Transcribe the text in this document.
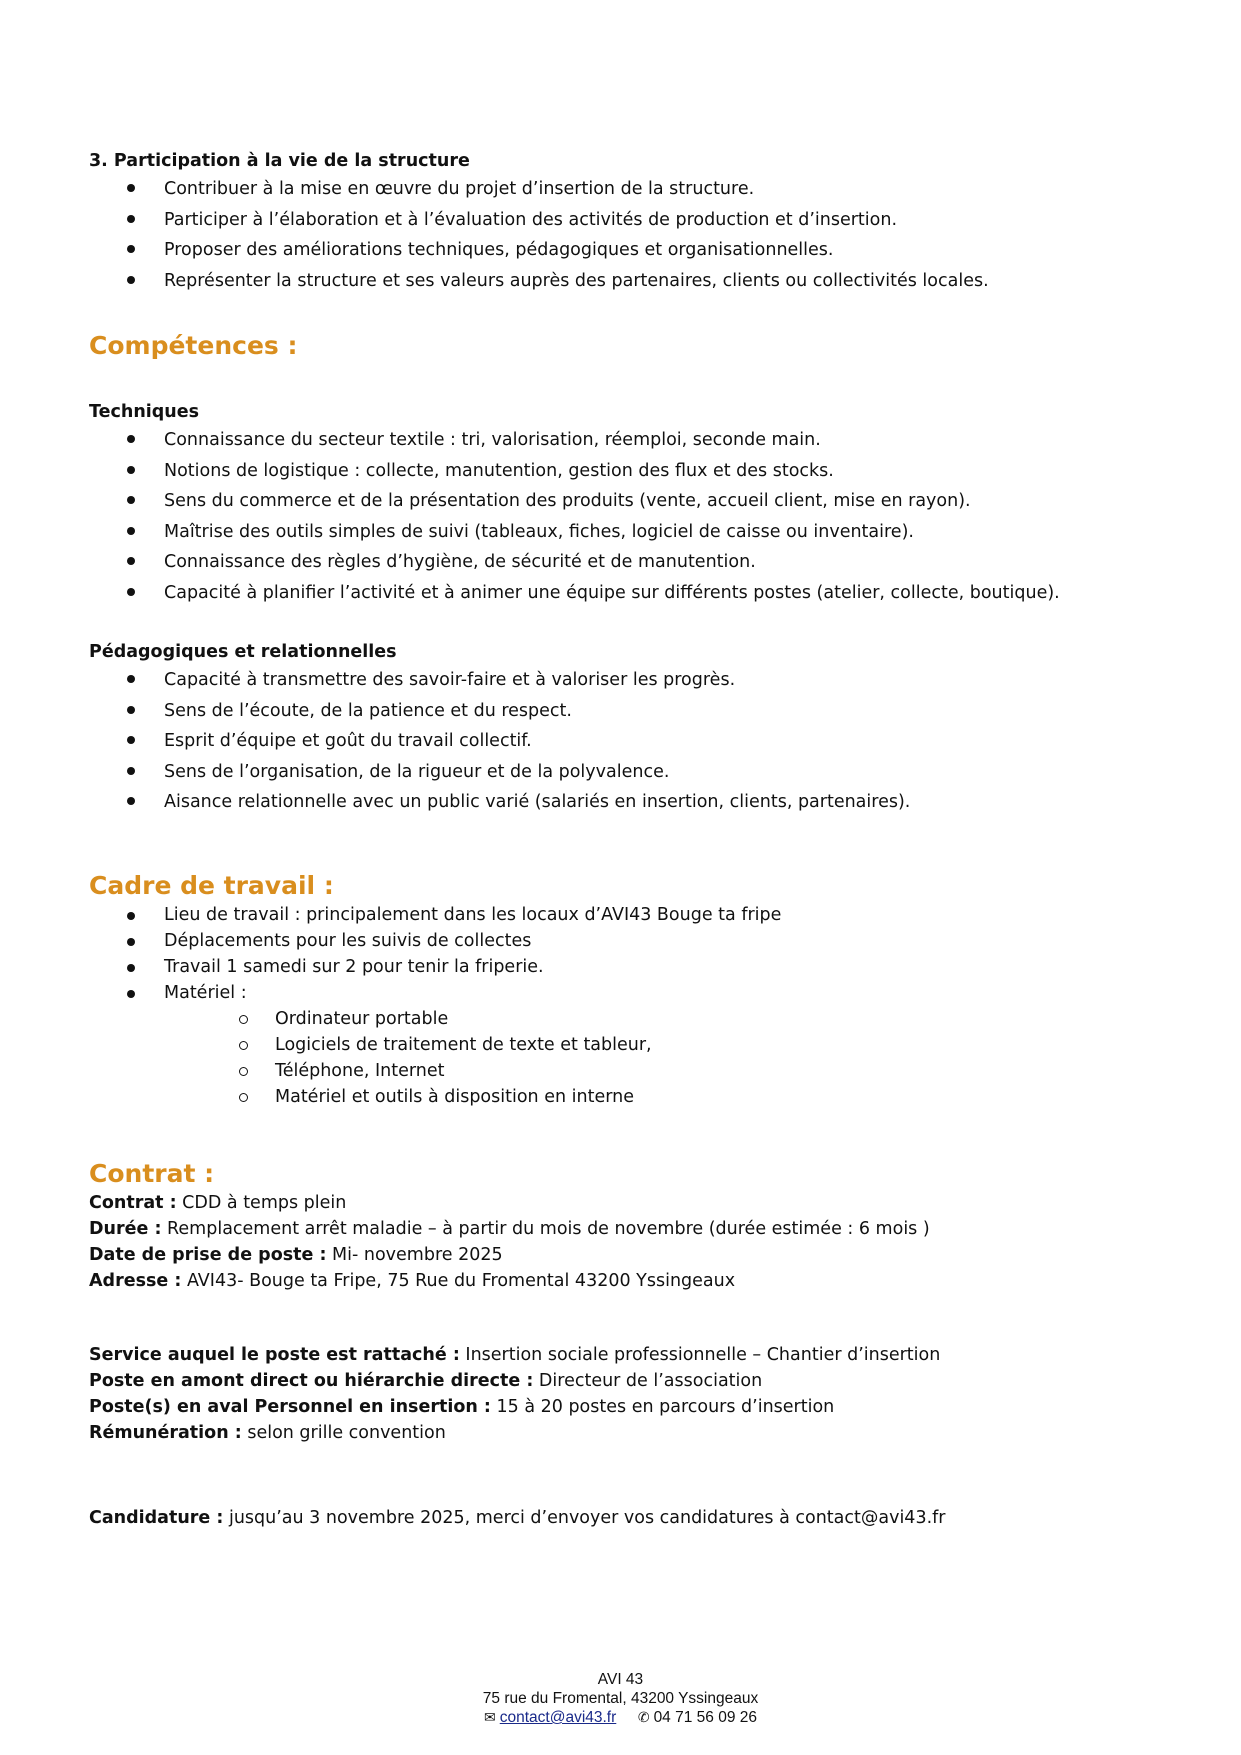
3. Participation à la vie de la structure
Contribuer à la mise en œuvre du projet d’insertion de la structure.
Participer à l’élaboration et à l’évaluation des activités de production et d’insertion.
Proposer des améliorations techniques, pédagogiques et organisationnelles.
Représenter la structure et ses valeurs auprès des partenaires, clients ou collectivités locales.
Compétences :
Techniques
Connaissance du secteur textile : tri, valorisation, réemploi, seconde main.
Notions de logistique : collecte, manutention, gestion des flux et des stocks.
Sens du commerce et de la présentation des produits (vente, accueil client, mise en rayon).
Maîtrise des outils simples de suivi (tableaux, fiches, logiciel de caisse ou inventaire).
Connaissance des règles d’hygiène, de sécurité et de manutention.
Capacité à planifier l’activité et à animer une équipe sur différents postes (atelier, collecte, boutique).
Pédagogiques et relationnelles
Capacité à transmettre des savoir-faire et à valoriser les progrès.
Sens de l’écoute, de la patience et du respect.
Esprit d’équipe et goût du travail collectif.
Sens de l’organisation, de la rigueur et de la polyvalence.
Aisance relationnelle avec un public varié (salariés en insertion, clients, partenaires).
Cadre de travail :
Lieu de travail : principalement dans les locaux d’AVI43 Bouge ta fripe
Déplacements pour les suivis de collectes
Travail 1 samedi sur 2 pour tenir la friperie.
Matériel :
Ordinateur portable
Logiciels de traitement de texte et tableur,
Téléphone, Internet
Matériel et outils à disposition en interne
Contrat :
Contrat : CDD à temps plein
Durée : Remplacement arrêt maladie – à partir du mois de novembre (durée estimée : 6 mois )
Date de prise de poste : Mi- novembre 2025
Adresse : AVI43- Bouge ta Fripe, 75 Rue du Fromental 43200 Yssingeaux
Service auquel le poste est rattaché : Insertion sociale professionnelle – Chantier d’insertion
Poste en amont direct ou hiérarchie directe : Directeur de l’association
Poste(s) en aval Personnel en insertion : 15 à 20 postes en parcours d’insertion
Rémunération : selon grille convention
Candidature : jusqu’au 3 novembre 2025, merci d’envoyer vos candidatures à contact@avi43.fr
AVI 43
75 rue du Fromental, 43200 Yssingeaux
✉ contact@avi43.fr ✆ 04 71 56 09 26
